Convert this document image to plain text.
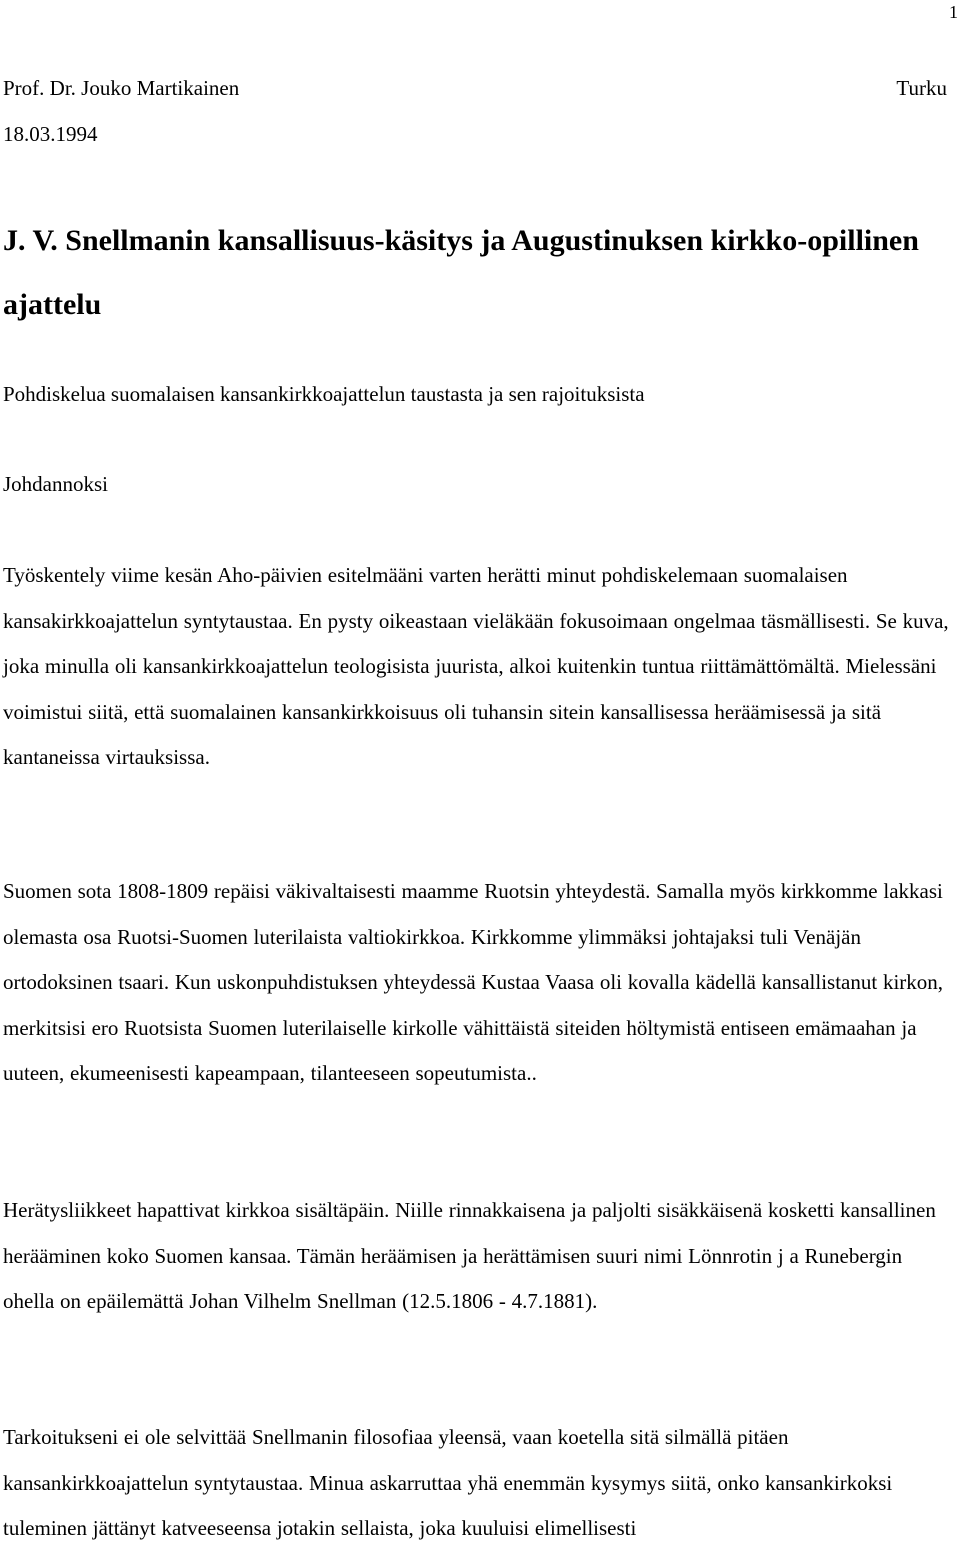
1
Prof. Dr. Jouko Martikainen	Turku
18.03.1994
J. V. Snellmanin kansallisuus-käsitys ja Augustinuksen kirkko-opillinen ajattelu

Pohdiskelua suomalaisen kansankirkkoajattelun taustasta ja sen rajoituksista

Johdannoksi

Työskentely viime kesän Aho-päivien esitelmääni varten herätti minut pohdiskelemaan suomalaisen kansakirkkoajattelun syntytaustaa. En pysty oikeastaan vieläkään fokusoimaan ongelmaa täsmällisesti. Se kuva, joka minulla oli kansankirkkoajattelun teologisista juurista, alkoi kuitenkin tuntua riittämättömältä. Mielessäni voimistui siitä, että suomalainen kansankirkkoisuus oli tuhansin sitein kansallisessa heräämisessä ja sitä kantaneissa virtauksissa.

Suomen sota 1808-1809 repäisi väkivaltaisesti maamme Ruotsin yhteydestä. Samalla myös kirkkomme lakkasi olemasta osa Ruotsi-Suomen luterilaista valtiokirkkoa. Kirkkomme ylimmäksi johtajaksi tuli Venäjän ortodoksinen tsaari. Kun uskonpuhdistuksen yhteydessä Kustaa Vaasa oli kovalla kädellä kansallistanut kirkon, merkitsisi ero Ruotsista Suomen luterilaiselle kirkolle vähittäistä siteiden höltymistä entiseen emämaahan ja uuteen, ekumeenisesti kapeampaan, tilanteeseen sopeutumista..

Herätysliikkeet hapattivat kirkkoa sisältäpäin. Niille rinnakkaisena ja paljolti sisäkkäisenä kosketti kansallinen herääminen koko Suomen kansaa. Tämän heräämisen ja herättämisen suuri nimi Lönnrotin j a Runebergin ohella on epäilemättä Johan Vilhelm Snellman (12.5.1806 - 4.7.1881).

Tarkoitukseni ei ole selvittää Snellmanin filosofiaa yleensä, vaan koetella sitä silmällä pitäen kansankirkkoajattelun syntytaustaa. Minua askarruttaa yhä enemmän kysymys siitä, onko kansankirkoksi tuleminen jättänyt katveeseensa jotakin sellaista, joka kuuluisi elimellisesti
